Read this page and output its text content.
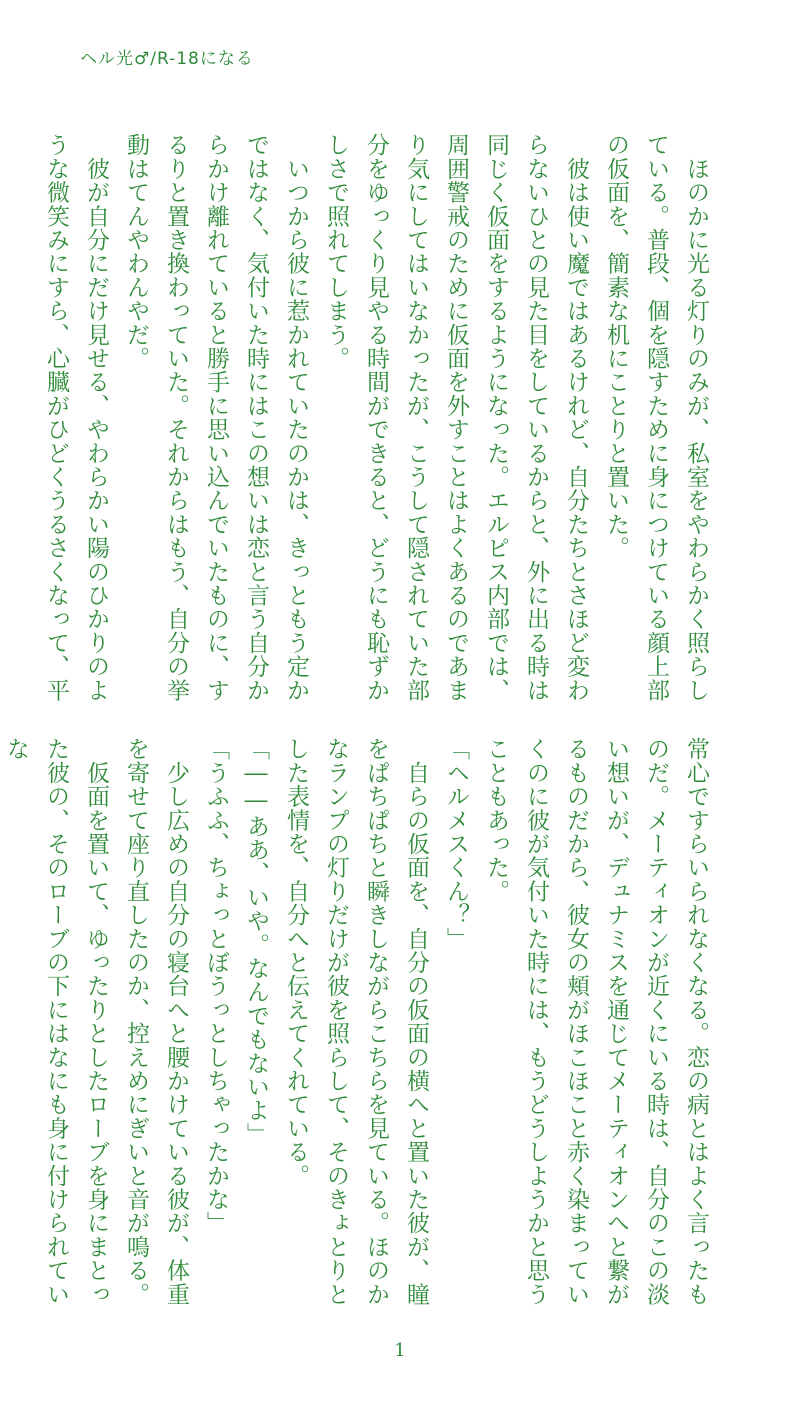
ヘル光♂/R-18になる

　ほのかに光る灯りのみが、私室をやわらかく照らしている。普段、個を隠すために身につけている顔上部の仮面を、簡素な机にことりと置いた。

　彼は使い魔ではあるけれど、自分たちとさほど変わらないひとの見た目をしているからと、外に出る時は同じく仮面をするようになった。エルピス内部では、周囲警戒のために仮面を外すことはよくあるのであまり気にしてはいなかったが、こうして隠されていた部分をゆっくり見やる時間ができると、どうにも恥ずかしさで照れてしまう。

　いつから彼に惹かれていたのかは、きっともう定かではなく、気付いた時にはこの想いは恋と言う自分からかけ離れていると勝手に思い込んでいたものに、するりと置き換わっていた。それからはもう、自分の挙動はてんやわんやだ。

　彼が自分にだけ見せる、やわらかい陽のひかりのような微笑みにすら、心臓がひどくうるさくなって、平

常心ですらいられなくなる。恋の病とはよく言ったものだ。メーティオンが近くにいる時は、自分のこの淡い想いが、デュナミスを通じてメーティオンへと繋がるものだから、彼女の頬がほこほこと赤く染まっていくのに彼が気付いた時には、もうどうしようかと思うこともあった。

「ヘルメスくん？」

　自らの仮面を、自分の仮面の横へと置いた彼が、瞳をぱちぱちと瞬きしながらこちらを見ている。ほのかなランプの灯りだけが彼を照らして、そのきょとりとした表情を、自分へと伝えてくれている。

「――ああ、いや。なんでもないよ」

「うふふ、ちょっとぼうっとしちゃったかな」

　少し広めの自分の寝台へと腰かけている彼が、体重を寄せて座り直したのか、控えめにぎいと音が鳴る。

　仮面を置いて、ゆったりとしたローブを身にまとった彼の、そのローブの下にはなにも身に付けられていな

1
